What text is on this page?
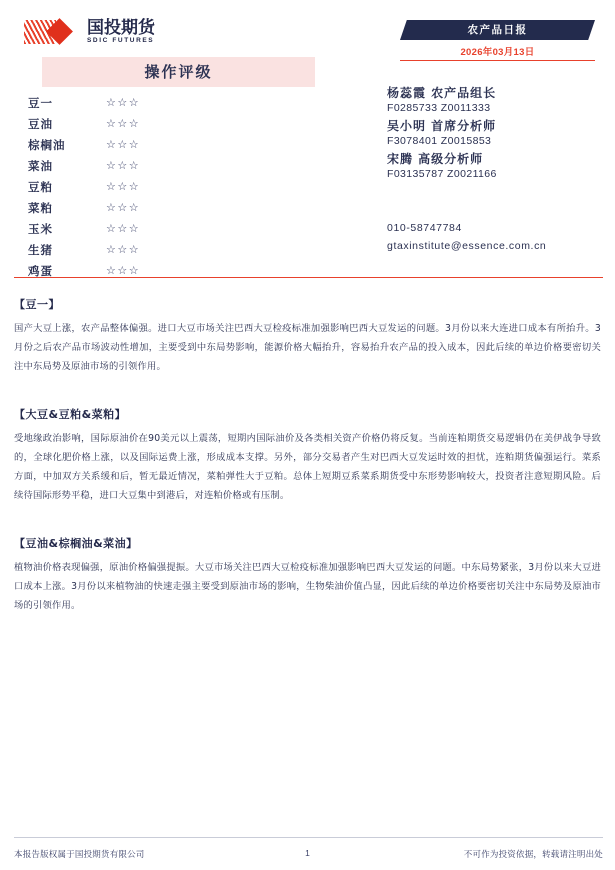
国投期货
SDIC FUTURES
操作评级
豆一	☆☆☆
豆油	☆☆☆
棕榈油	☆☆☆
菜油	☆☆☆
豆粕	☆☆☆
菜粕	☆☆☆
玉米	☆☆☆
生猪	☆☆☆
鸡蛋	☆☆☆
农产品日报
2026年03月13日
杨蕊霞 农产品组长
F0285733 Z0011333
吴小明 首席分析师
F3078401 Z0015853
宋腾 高级分析师
F03135787 Z0021166
010-58747784
gtaxinstitute@essence.com.cn
【豆一】
国产大豆上涨，农产品整体偏强。进口大豆市场关注巴西大豆检疫标准加强影响巴西大豆发运的问题。3月份以来大连进口成本有所抬升。3月份之后农产品市场波动性增加，主要受到中东局势影响，能源价格大幅抬升，容易抬升农产品的投入成本，因此后续的单边价格要密切关注中东局势及原油市场的引领作用。
【大豆&豆粕&菜粕】
受地缘政治影响，国际原油价在90美元以上震荡，短期内国际油价及各类相关资产价格仍将反复。当前连粕期货交易逻辑仍在美伊战争导致的，全球化肥价格上涨，以及国际运费上涨，形成成本支撑。另外，部分交易者产生对巴西大豆发运时效的担忧，连粕期货偏强运行。菜系方面，中加双方关系缓和后，暂无最近情况，菜粕弹性大于豆粕。总体上短期豆系菜系期货受中东形势影响较大，投资者注意短期风险。后续待国际形势平稳，进口大豆集中到港后，对连粕价格或有压制。
【豆油&棕榈油&菜油】
植物油价格表现偏强，原油价格偏强提振。大豆市场关注巴西大豆检疫标准加强影响巴西大豆发运的问题。中东局势紧张，3月份以来大豆进口成本上涨。3月份以来植物油的快速走强主要受到原油市场的影响，生物柴油价值凸显，因此后续的单边价格要密切关注中东局势及原油市场的引领作用。
本报告版权属于国投期货有限公司	不可作为投资依据，转载请注明出处
1
